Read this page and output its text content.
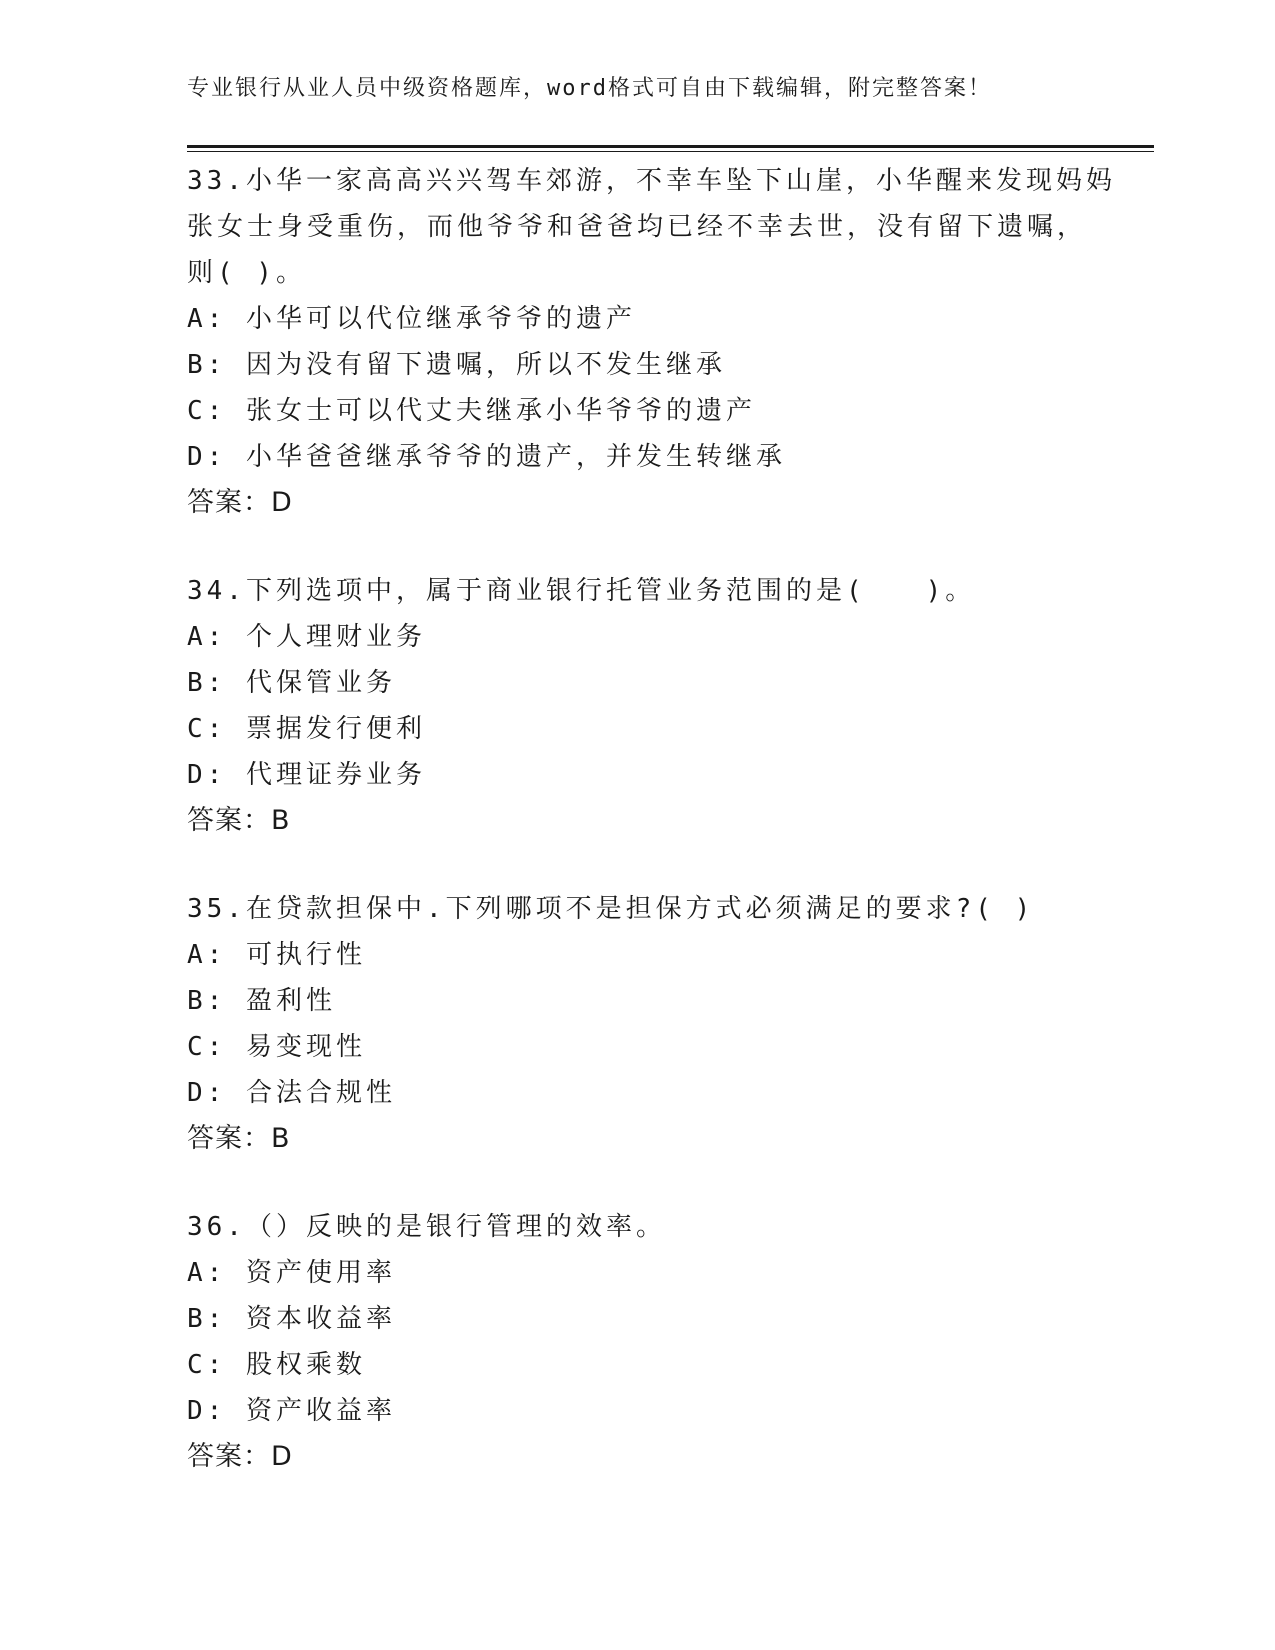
专业银行从业人员中级资格题库，word格式可自由下载编辑，附完整答案！
33.小华一家高高兴兴驾车郊游，不幸车坠下山崖，小华醒来发现妈妈
张女士身受重伤，而他爷爷和爸爸均已经不幸去世，没有留下遗嘱，
则( )。
A: 小华可以代位继承爷爷的遗产
B: 因为没有留下遗嘱，所以不发生继承
C: 张女士可以代丈夫继承小华爷爷的遗产
D: 小华爸爸继承爷爷的遗产，并发生转继承
答案：D
34.下列选项中，属于商业银行托管业务范围的是(　　)。
A: 个人理财业务
B: 代保管业务
C: 票据发行便利
D: 代理证券业务
答案：B
35.在贷款担保中.下列哪项不是担保方式必须满足的要求?( )
A: 可执行性
B: 盈利性
C: 易变现性
D: 合法合规性
答案：B
36.（）反映的是银行管理的效率。
A: 资产使用率
B: 资本收益率
C: 股权乘数
D: 资产收益率
答案：D
